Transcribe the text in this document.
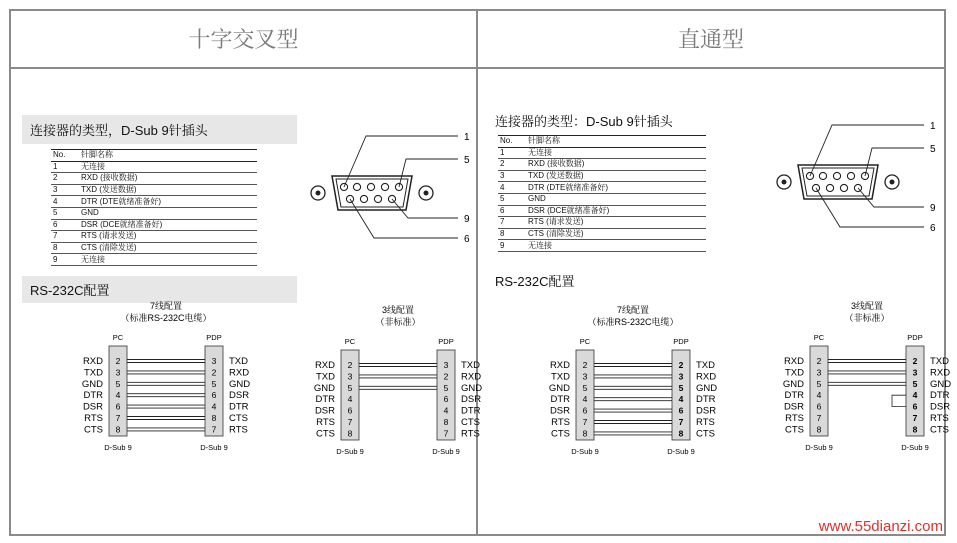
十字交叉型	直通型
连接器的类型，D-Sub 9针插头
No.	针脚名称
1	无连接
2	RXD (接收数据)
3	TXD (发送数据)
4	DTR (DTE就绪准备好)
5	GND
6	DSR (DCE就绪准备好)
7	RTS (请求发送)
8	CTS (清除发送)
9	无连接
1
5
9
6
RS-232C配置
7线配置
（标准RS-232C电缆）
PC	PDP
RXD 2	3 TXD
TXD 3	2 RXD
GND 5	5 GND
DTR 4	6 DSR
DSR 6	4 DTR
RTS 7	8 CTS
CTS 8	7 RTS
D-Sub 9	D-Sub 9
3线配置
（非标准）
PC	PDP
RXD 2	3 TXD
TXD 3	2 RXD
GND 5	5 GND
DTR 4	6 DSR
DSR 6	4 DTR
RTS 7	8 CTS
CTS 8	7 RTS
D-Sub 9	D-Sub 9
连接器的类型：D-Sub 9针插头
No.	针脚名称
1	无连接
2	RXD (接收数据)
3	TXD (发送数据)
4	DTR (DTE就绪准备好)
5	GND
6	DSR (DCE就绪准备好)
7	RTS (请求发送)
8	CTS (清除发送)
9	无连接
1
5
9
6
RS-232C配置
7线配置
（标准RS-232C电缆）
PC	PDP
RXD 2	2 TXD
TXD 3	3 RXD
GND 5	5 GND
DTR 4	4 DTR
DSR 6	6 DSR
RTS 7	7 RTS
CTS 8	8 CTS
D-Sub 9	D-Sub 9
3线配置
（非标准）
PC	PDP
RXD 2	2 TXD
TXD 3	3 RXD
GND 5	5 GND
DTR 4	4 DTR
DSR 6	6 DSR
RTS 7	7 RTS
CTS 8	8 CTS
D-Sub 9	D-Sub 9
www.55dianzi.com
